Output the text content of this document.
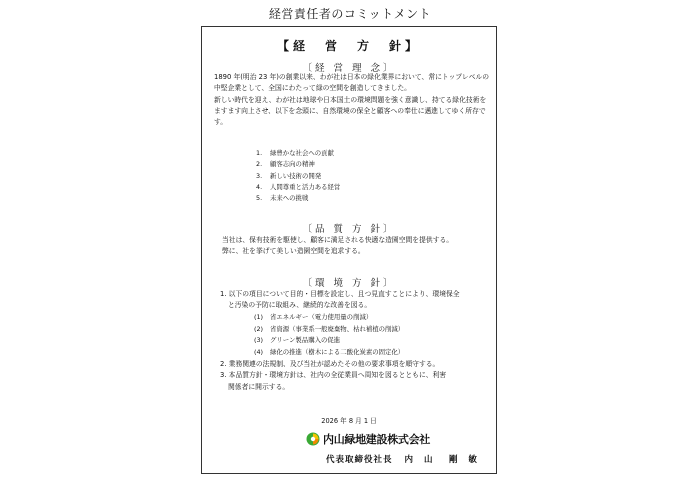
経営責任者のコミットメント
【経　営　方　針】
〔経 営 理 念〕

1890 年(明治 23 年)の創業以来、わが社は日本の緑化業界において、常にトップレベルの中堅企業として、全国にわたって緑の空間を創造してきました。

新しい時代を迎え、わが社は地球や日本国土の環境問題を強く意識し、持てる緑化技術をますます向上させ、以下を念頭に、自然環境の保全と顧客への奉仕に邁進してゆく所存です。

1.	緑豊かな社会への貢献
2.	顧客志向の精神
3.	新しい技術の開発
4.	人間尊重と活力ある経営
5.	未来への挑戦
〔品 質 方 針〕

当社は、保有技術を駆使し、顧客に満足される快適な造園空間を提供する。

弊に、社を挙げて美しい造園空間を追求する。

〔環 境 方 針〕

1. 以下の項目について目的・目標を設定し、且つ見直すことにより、環境保全

と汚染の予防に取組み、継続的な改善を図る。

(1)	省エネルギー（電力使用量の削減）
(2)	省資源（事業系一般廃棄物、枯れ補植の削減）
(3)	グリーン製品購入の促進
(4)	緑化の推進（樹木による二酸化炭素の固定化）

2. 業務関連の法規制、及び当社が認めたその他の要求事項を順守する。

3. 本品質方針・環境方針は、社内の全従業員へ周知を図るとともに、利害

関係者に開示する。

2026 年 8 月 1 日
内山緑地建設株式会社
代表取締役社長 内 山　剛 敏
